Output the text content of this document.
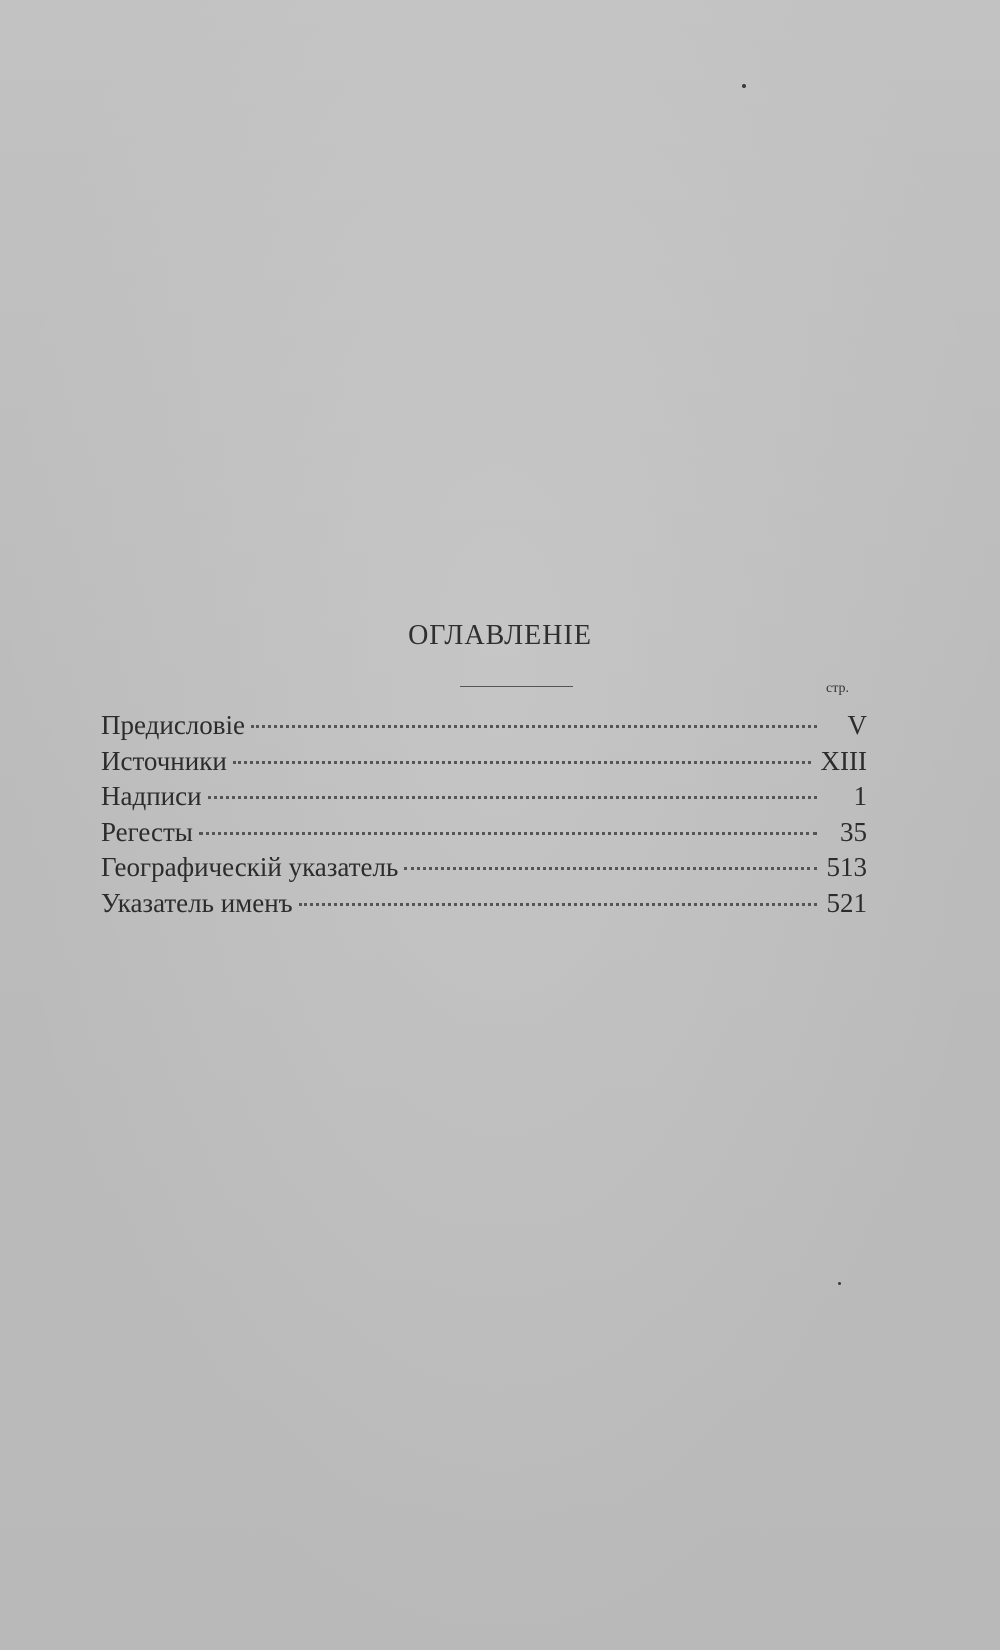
ОГЛАВЛЕНIЕ
стр.
Предисловіе	V
Источники	XIII
Надписи	1
Регесты	35
Географическій указатель	513
Указатель именъ	521
